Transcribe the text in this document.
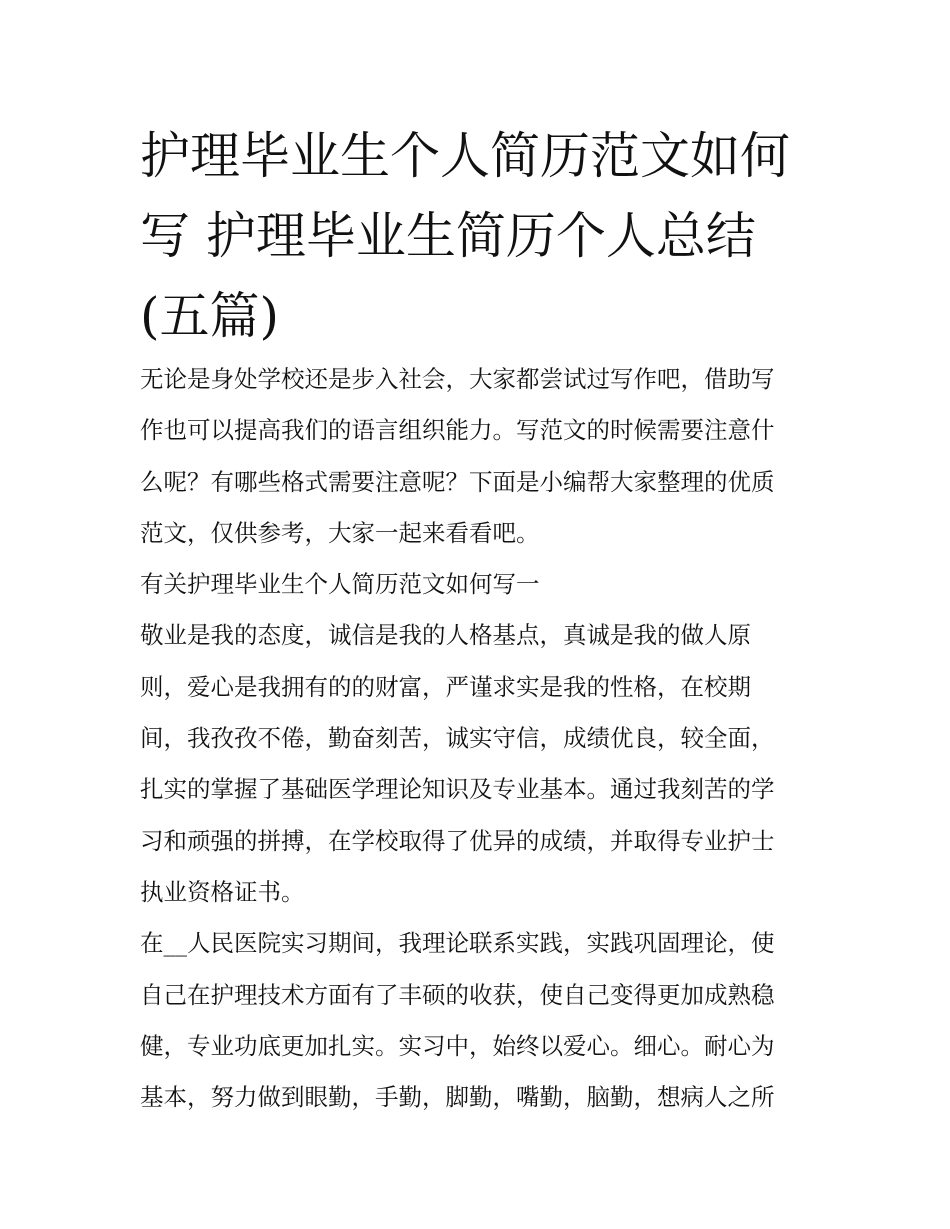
护理毕业生个人简历范文如何
写 护理毕业生简历个人总结
(五篇)

无论是身处学校还是步入社会，大家都尝试过写作吧，借助写
作也可以提高我们的语言组织能力。写范文的时候需要注意什
么呢？有哪些格式需要注意呢？下面是小编帮大家整理的优质
范文，仅供参考，大家一起来看看吧。

有关护理毕业生个人简历范文如何写一

敬业是我的态度，诚信是我的人格基点，真诚是我的做人原
则，爱心是我拥有的的财富，严谨求实是我的性格，在校期
间，我孜孜不倦，勤奋刻苦，诚实守信，成绩优良，较全面，
扎实的掌握了基础医学理论知识及专业基本。通过我刻苦的学
习和顽强的拼搏，在学校取得了优异的成绩，并取得专业护士
执业资格证书。

在__人民医院实习期间，我理论联系实践，实践巩固理论，使
自己在护理技术方面有了丰硕的收获，使自己变得更加成熟稳
健，专业功底更加扎实。实习中，始终以爱心。细心。耐心为
基本，努力做到眼勤，手勤，脚勤，嘴勤，脑勤，想病人之所
